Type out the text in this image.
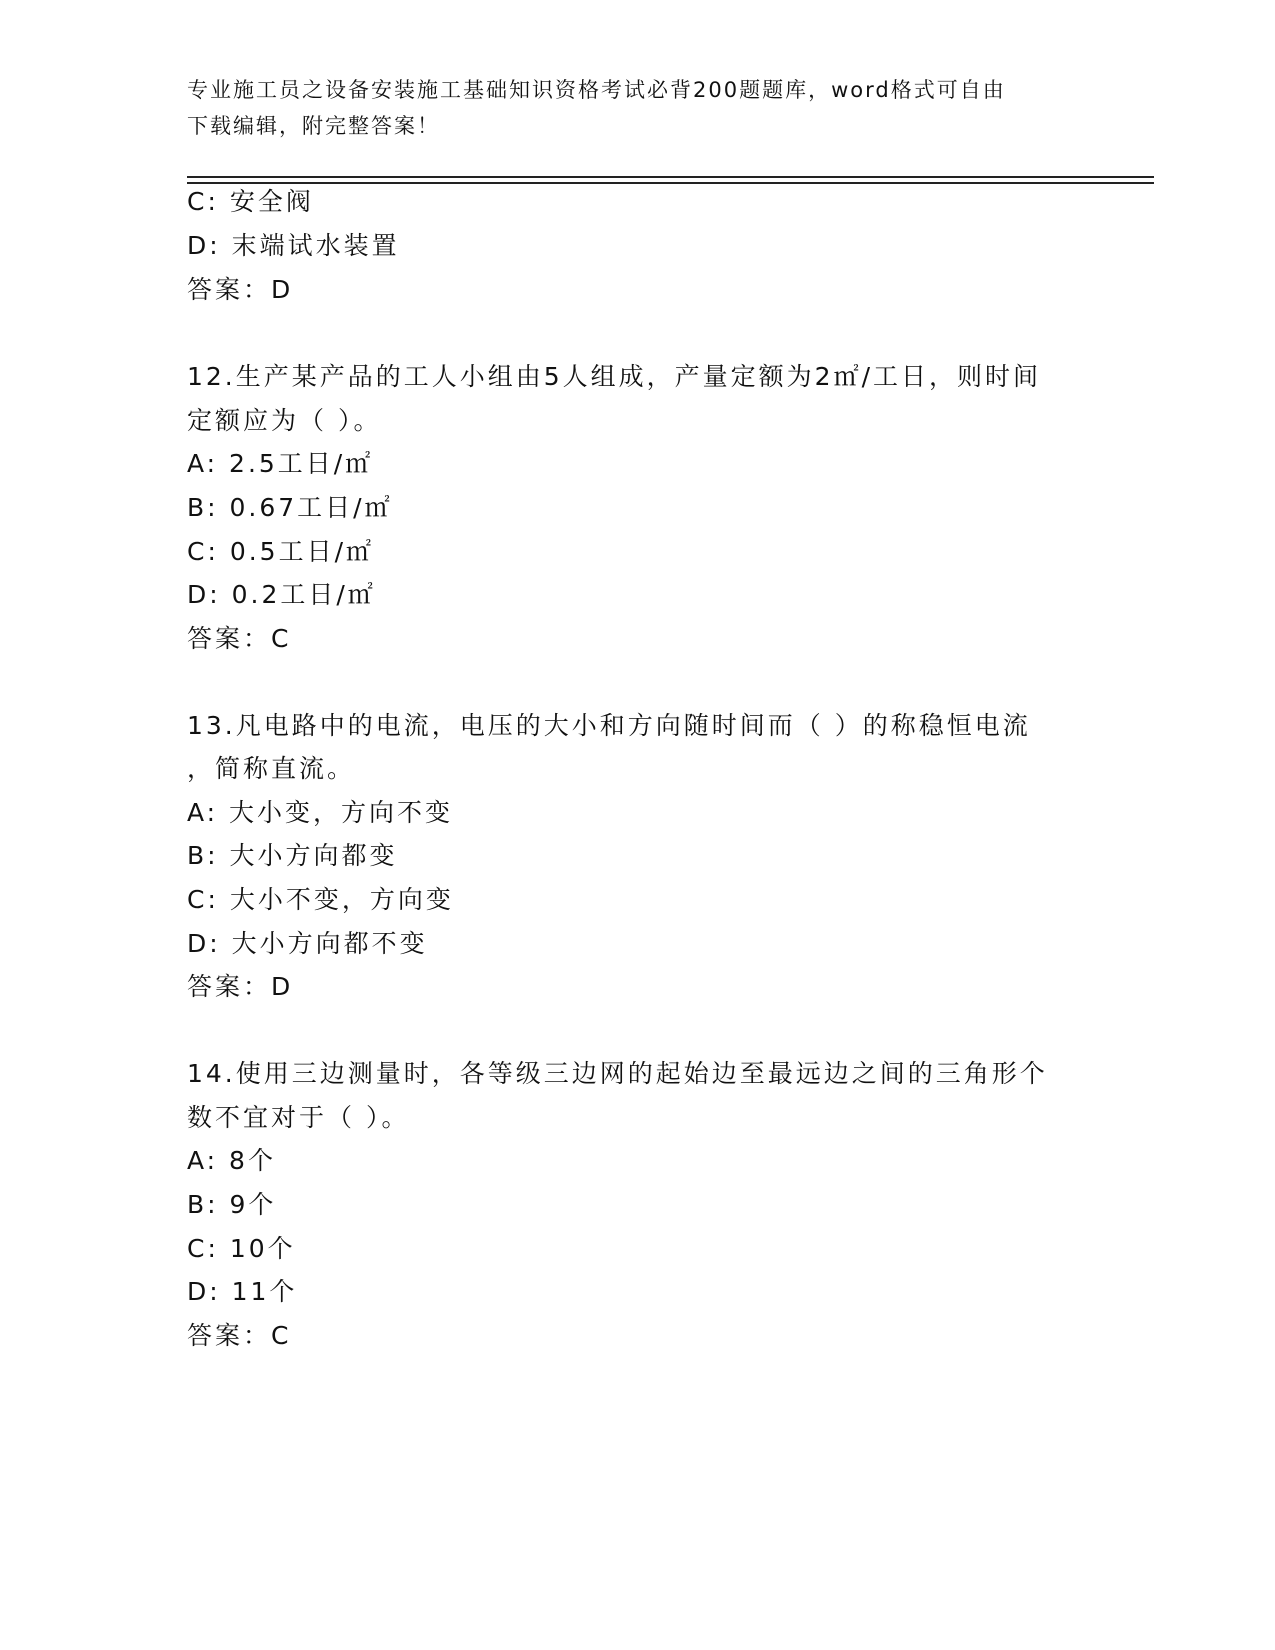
专业施工员之设备安装施工基础知识资格考试必背200题题库，word格式可自由
下载编辑，附完整答案！
C: 安全阀
D: 末端试水装置
答案：D
12.生产某产品的工人小组由5人组成，产量定额为2㎡/工日，则时间
定额应为（ ）。
A: 2.5工日/㎡
B: 0.67工日/㎡
C: 0.5工日/㎡
D: 0.2工日/㎡
答案：C
13.凡电路中的电流，电压的大小和方向随时间而（ ）的称稳恒电流
，简称直流。
A: 大小变，方向不变
B: 大小方向都变
C: 大小不变，方向变
D: 大小方向都不变
答案：D
14.使用三边测量时，各等级三边网的起始边至最远边之间的三角形个
数不宜对于（ ）。
A: 8个
B: 9个
C: 10个
D: 11个
答案：C
